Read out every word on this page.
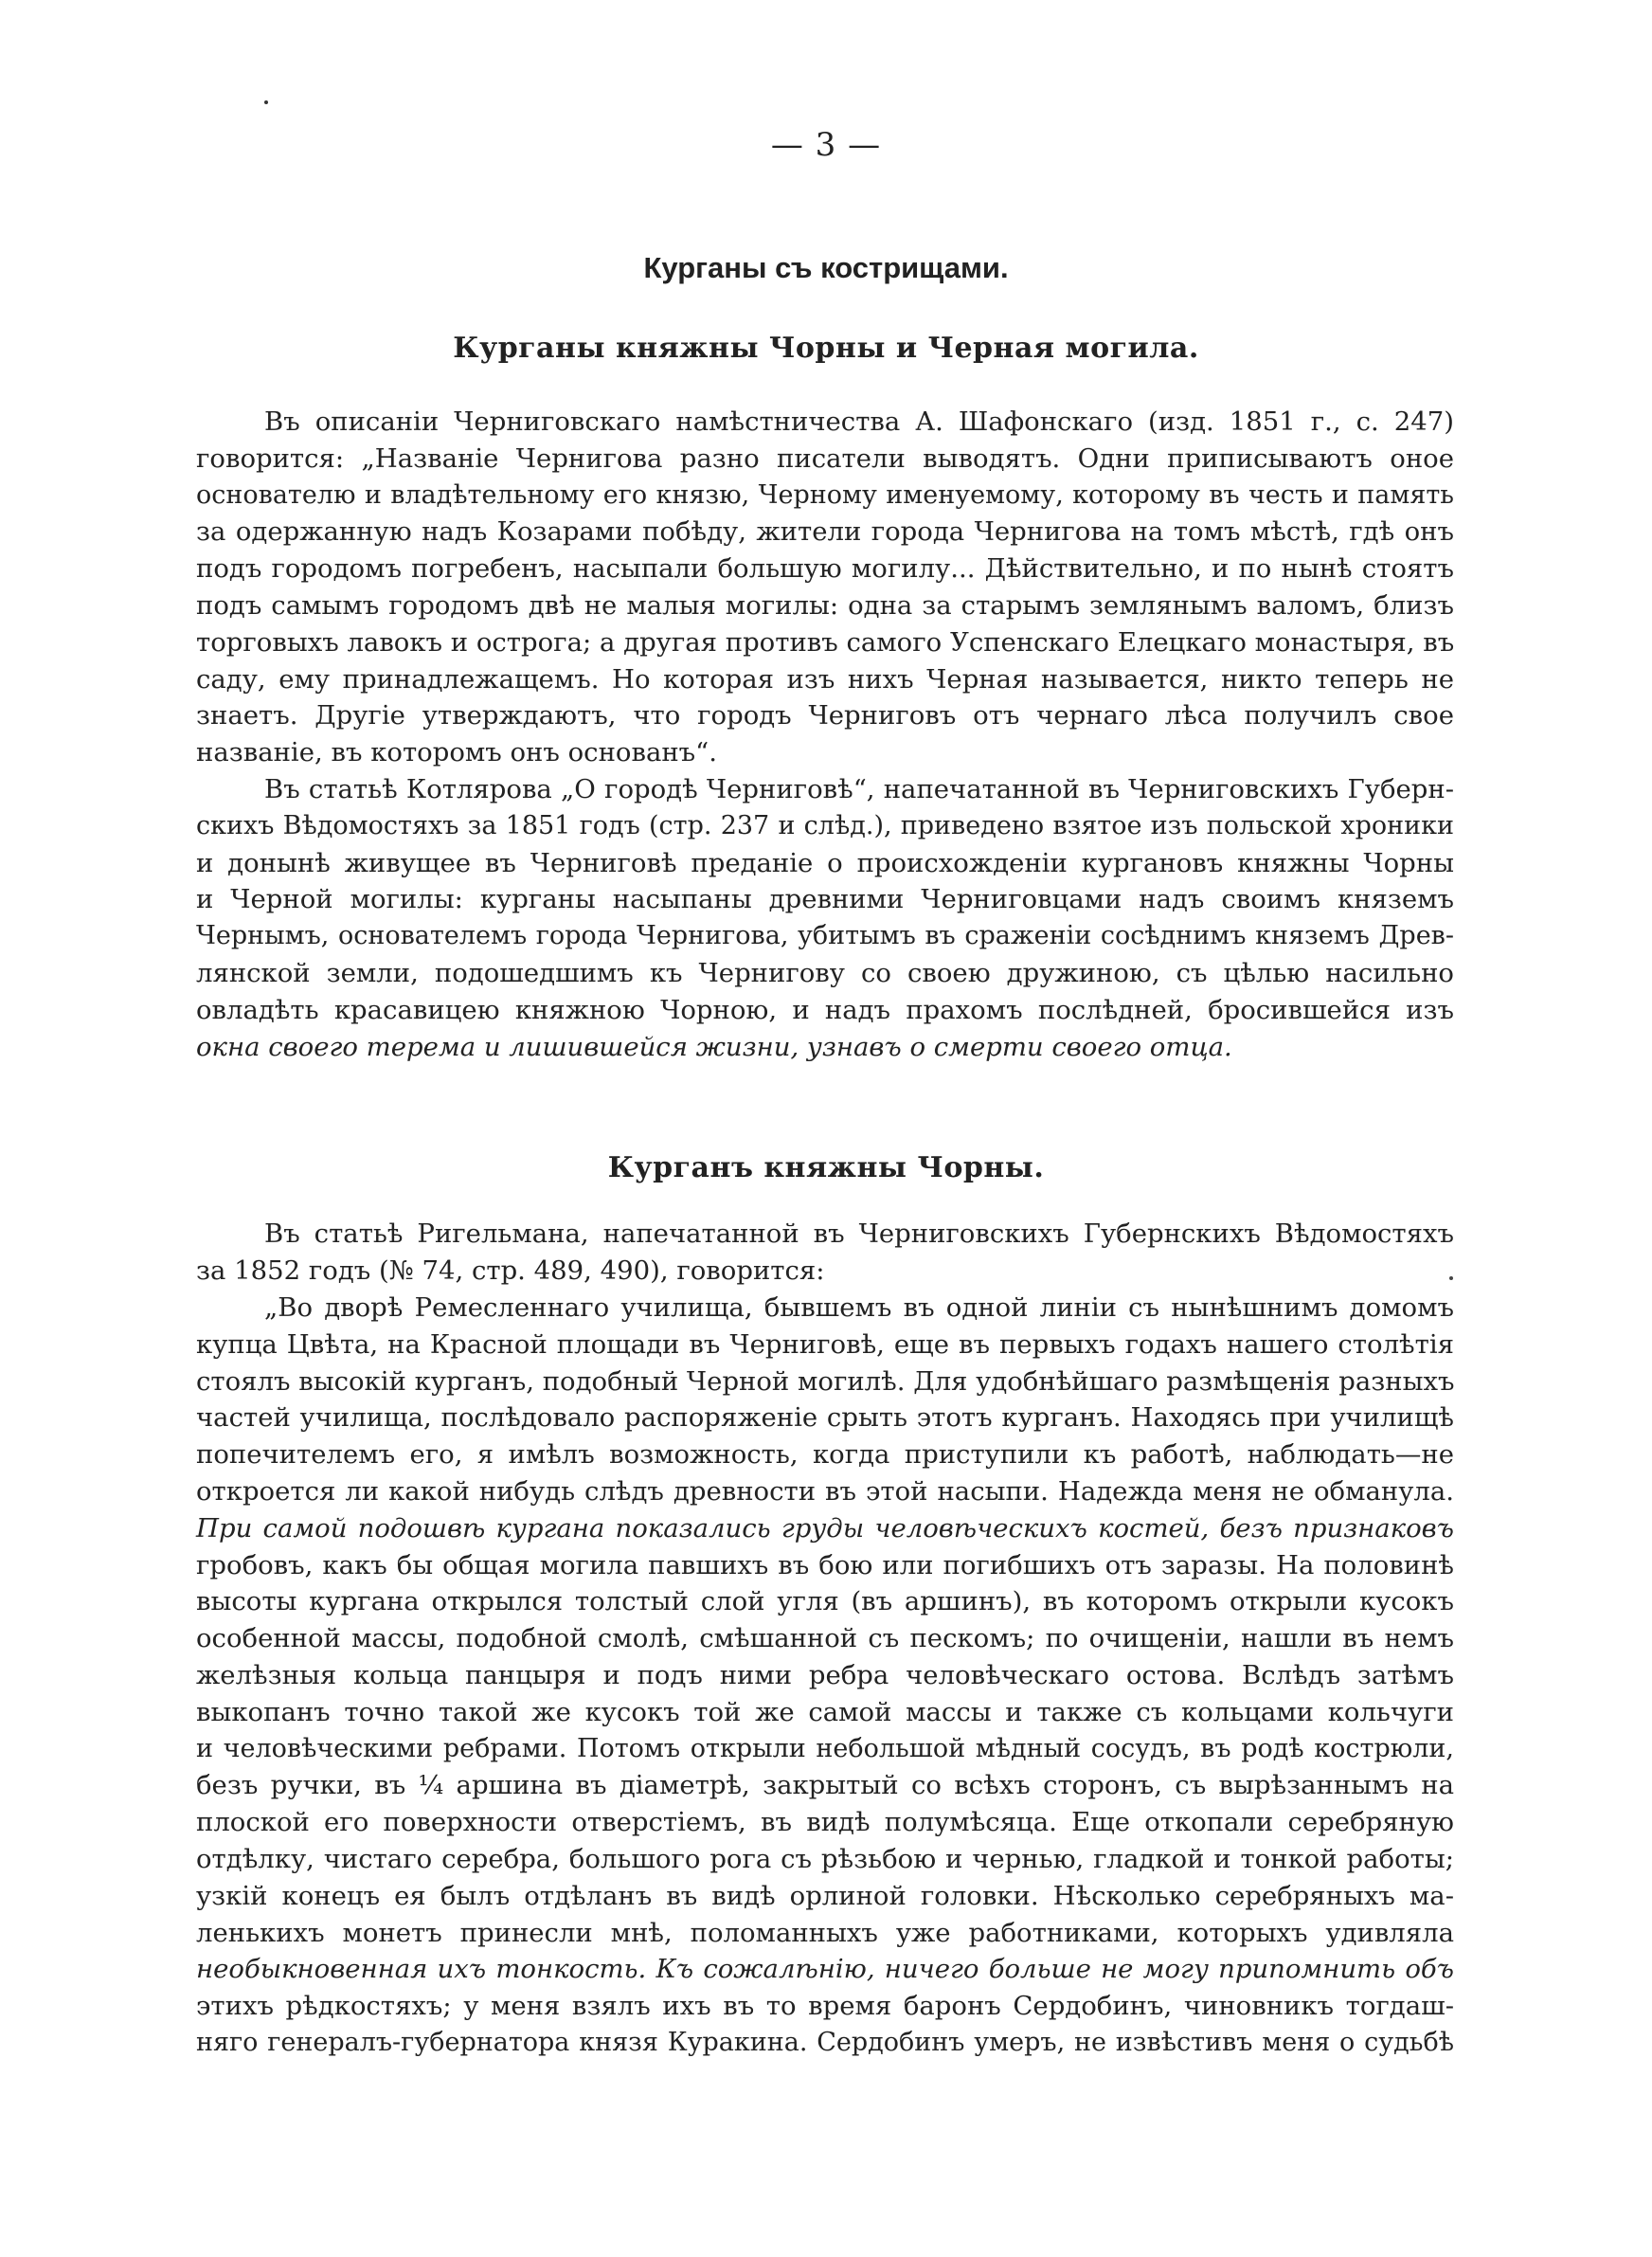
— 3 —
Курганы съ кострищами.
Курганы княжны Чорны и Черная могила.
Въ описаніи Черниговскаго намѣстничества А. Шафонскаго (изд. 1851 г., с. 247)
говорится: „Названіе Чернигова разно писатели выводятъ. Одни приписываютъ оное
основателю и владѣтельному его князю, Черному именуемому, которому въ честь и память
за одержанную надъ Козарами побѣду, жители города Чернигова на томъ мѣстѣ, гдѣ онъ
подъ городомъ погребенъ, насыпали большую могилу... Дѣйствительно, и по нынѣ стоятъ
подъ самымъ городомъ двѣ не малыя могилы: одна за старымъ землянымъ валомъ, близъ
торговыхъ лавокъ и острога; а другая противъ самого Успенскаго Елецкаго монастыря, въ
саду, ему принадлежащемъ. Но которая изъ нихъ Черная называется, никто теперь не
знаетъ. Другіе утверждаютъ, что городъ Черниговъ отъ чернаго лѣса получилъ свое
названіе, въ которомъ онъ основанъ“.
Въ статьѣ Котлярова „О городѣ Черниговѣ“, напечатанной въ Черниговскихъ Губерн-
скихъ Вѣдомостяхъ за 1851 годъ (стр. 237 и слѣд.), приведено взятое изъ польской хроники
и донынѣ живущее въ Черниговѣ преданіе о происхожденіи кургановъ княжны Чорны
и Черной могилы: курганы насыпаны древними Черниговцами надъ своимъ княземъ
Чернымъ, основателемъ города Чернигова, убитымъ въ сраженіи сосѣднимъ княземъ Древ-
лянской земли, подошедшимъ къ Чернигову со своею дружиною, съ цѣлью насильно
овладѣть красавицею княжною Чорною, и надъ прахомъ послѣдней, бросившейся изъ
окна своего терема и лишившейся жизни, узнавъ о смерти своего отца.
Курганъ княжны Чорны.
Въ статьѣ Ригельмана, напечатанной въ Черниговскихъ Губернскихъ Вѣдомостяхъ
за 1852 годъ (№ 74, стр. 489, 490), говорится:
„Во дворѣ Ремесленнаго училища, бывшемъ въ одной линіи съ нынѣшнимъ домомъ
купца Цвѣта, на Красной площади въ Черниговѣ, еще въ первыхъ годахъ нашего столѣтія
стоялъ высокій курганъ, подобный Черной могилѣ. Для удобнѣйшаго размѣщенія разныхъ
частей училища, послѣдовало распоряженіе срыть этотъ курганъ. Находясь при училищѣ
попечителемъ его, я имѣлъ возможность, когда приступили къ работѣ, наблюдать—не
откроется ли какой нибудь слѣдъ древности въ этой насыпи. Надежда меня не обманула.
При самой подошвѣ кургана показались груды человѣческихъ костей, безъ признаковъ
гробовъ, какъ бы общая могила павшихъ въ бою или погибшихъ отъ заразы. На половинѣ
высоты кургана открылся толстый слой угля (въ аршинъ), въ которомъ открыли кусокъ
особенной массы, подобной смолѣ, смѣшанной съ пескомъ; по очищеніи, нашли въ немъ
желѣзныя кольца панцыря и подъ ними ребра человѣческаго остова. Вслѣдъ затѣмъ
выкопанъ точно такой же кусокъ той же самой массы и также съ кольцами кольчуги
и человѣческими ребрами. Потомъ открыли небольшой мѣдный сосудъ, въ родѣ кострюли,
безъ ручки, въ ¼ аршина въ діаметрѣ, закрытый со всѣхъ сторонъ, съ вырѣзаннымъ на
плоской его поверхности отверстіемъ, въ видѣ полумѣсяца. Еще откопали серебряную
отдѣлку, чистаго серебра, большого рога съ рѣзьбою и чернью, гладкой и тонкой работы;
узкій конецъ ея былъ отдѣланъ въ видѣ орлиной головки. Нѣсколько серебряныхъ ма-
ленькихъ монетъ принесли мнѣ, поломанныхъ уже работниками, которыхъ удивляла
необыкновенная ихъ тонкость. Къ сожалѣнію, ничего больше не могу припомнить объ
этихъ рѣдкостяхъ; у меня взялъ ихъ въ то время баронъ Сердобинъ, чиновникъ тогдаш-
няго генералъ-губернатора князя Куракина. Сердобинъ умеръ, не извѣстивъ меня о судьбѣ
